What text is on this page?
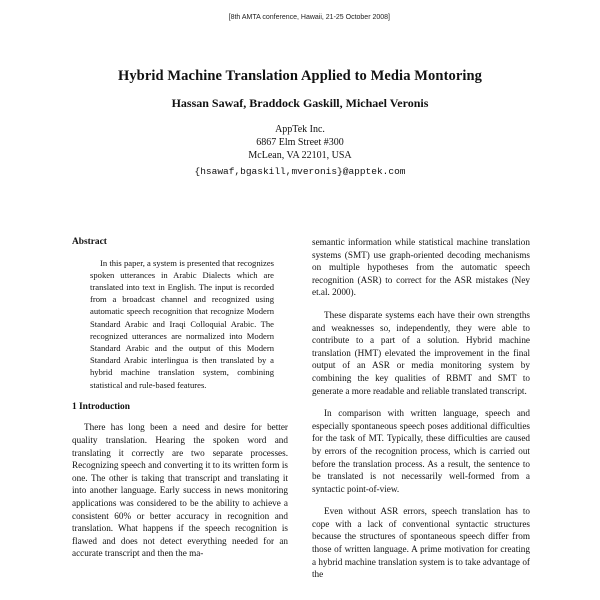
[8th AMTA conference, Hawaii, 21-25 October 2008]
Hybrid Machine Translation Applied to Media Montoring
Hassan Sawaf, Braddock Gaskill, Michael Veronis
AppTek Inc.
6867 Elm Street #300
McLean, VA 22101, USA
{hsawaf,bgaskill,mveronis}@apptek.com
Abstract

In this paper, a system is presented that recognizes spoken utterances in Arabic Dialects which are translated into text in English. The input is recorded from a broadcast channel and recognized using automatic speech recognition that recognize Modern Standard Arabic and Iraqi Colloquial Arabic. The recognized utterances are normalized into Modern Standard Arabic and the output of this Modern Standard Arabic interlingua is then translated by a hybrid machine translation system, combining statistical and rule-based features.

1 Introduction

There has long been a need and desire for better quality translation. Hearing the spoken word and translating it correctly are two separate processes. Recognizing speech and converting it to its written form is one. The other is taking that transcript and translating it into another language. Early success in news monitoring applications was considered to be the ability to achieve a consistent 60% or better accuracy in recognition and translation. What happens if the speech recognition is flawed and does not detect everything needed for an accurate transcript and then the ma-

semantic information while statistical machine translation systems (SMT) use graph-oriented decoding mechanisms on multiple hypotheses from the automatic speech recognition (ASR) to correct for the ASR mistakes (Ney et.al. 2000).

These disparate systems each have their own strengths and weaknesses so, independently, they were able to contribute to a part of a solution. Hybrid machine translation (HMT) elevated the improvement in the final output of an ASR or media monitoring system by combining the key qualities of RBMT and SMT to generate a more readable and reliable translated transcript.

In comparison with written language, speech and especially spontaneous speech poses additional difficulties for the task of MT. Typically, these difficulties are caused by errors of the recognition process, which is carried out before the translation process. As a result, the sentence to be translated is not necessarily well-formed from a syntactic point-of-view.

Even without ASR errors, speech translation has to cope with a lack of conventional syntactic structures because the structures of spontaneous speech differ from those of written language. A prime motivation for creating a hybrid machine translation system is to take advantage of the
